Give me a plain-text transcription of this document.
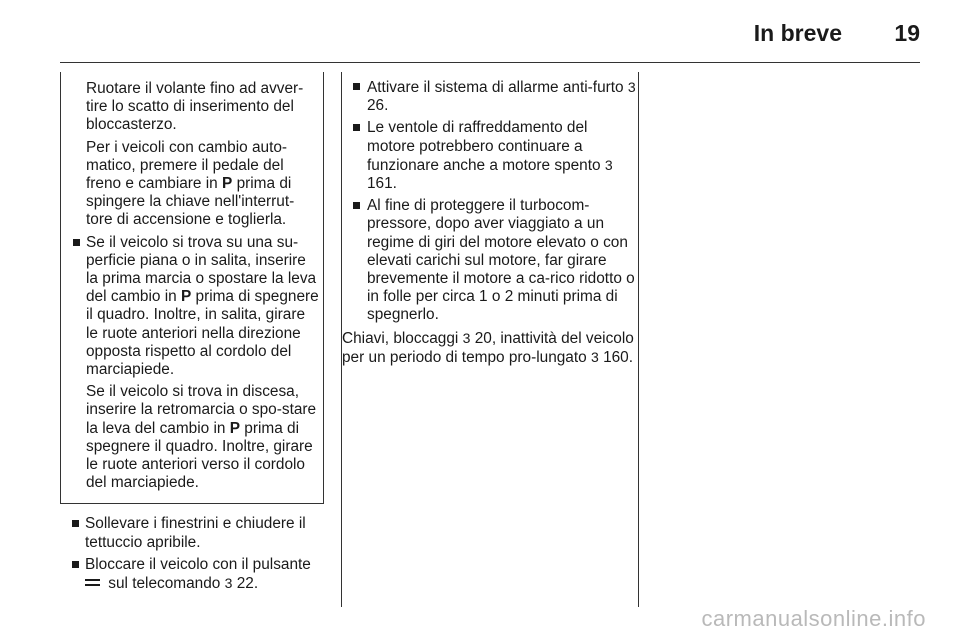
In breve 19

Ruotare il volante fino ad avver-tire lo scatto di inserimento del bloccasterzo.

Per i veicoli con cambio auto-matico, premere il pedale del freno e cambiare in P prima di spingere la chiave nell'interrut-tore di accensione e toglierla.

Se il veicolo si trova su una su-perficie piana o in salita, inserire la prima marcia o spostare la leva del cambio in P prima di spegnere il quadro. Inoltre, in salita, girare le ruote anteriori nella direzione opposta rispetto al cordolo del marciapiede.

Se il veicolo si trova in discesa, inserire la retromarcia o spo-stare la leva del cambio in P prima di spegnere il quadro. Inoltre, girare le ruote anteriori verso il cordolo del marciapiede.

Sollevare i finestrini e chiudere il tettuccio apribile.
Bloccare il veicolo con il pulsante
sul telecomando 3 22.
Attivare il sistema di allarme anti-furto 3 26.
Le ventole di raffreddamento del motore potrebbero continuare a funzionare anche a motore spento 3 161.
Al fine di proteggere il turbocom-pressore, dopo aver viaggiato a un regime di giri del motore elevato o con elevati carichi sul motore, far girare brevemente il motore a ca-rico ridotto o in folle per circa 1 o 2 minuti prima di spegnerlo.

Chiavi, bloccaggi 3 20, inattività del veicolo per un periodo di tempo pro-lungato 3 160.

carmanualsonline.info
